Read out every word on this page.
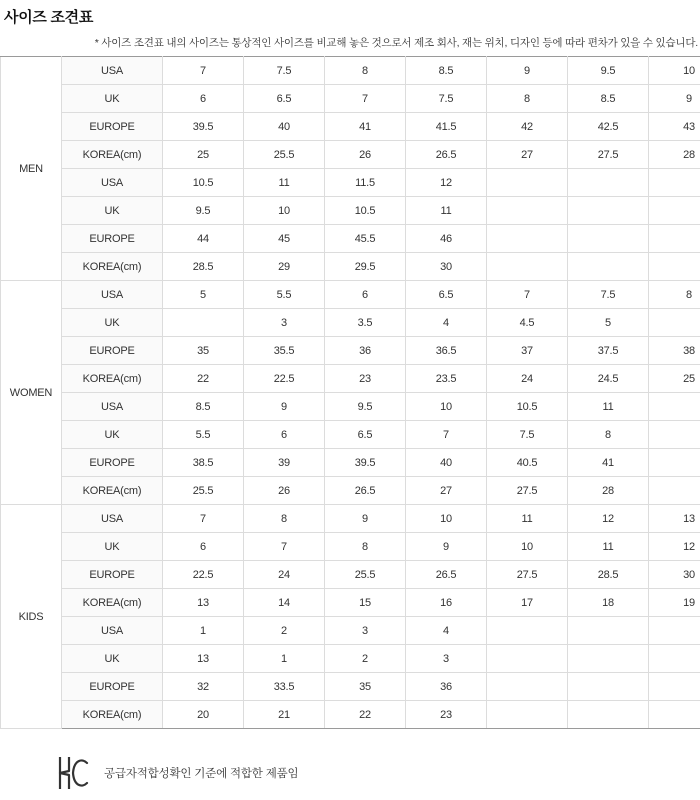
사이즈 조견표
* 사이즈 조견표 내의 사이즈는 통상적인 사이즈를 비교해 놓은 것으로서 제조 회사, 재는 위치, 디자인 등에 따라 편차가 있을 수 있습니다.
MEN	USA	7	7.5	8	8.5	9	9.5	10
	UK	6	6.5	7	7.5	8	8.5	9
	EUROPE	39.5	40	41	41.5	42	42.5	43
	KOREA(cm)	25	25.5	26	26.5	27	27.5	28
	USA	10.5	11	11.5	12			
	UK	9.5	10	10.5	11			
	EUROPE	44	45	45.5	46			
	KOREA(cm)	28.5	29	29.5	30			
WOMEN	USA	5	5.5	6	6.5	7	7.5	8
	UK		3	3.5	4	4.5	5	
	EUROPE	35	35.5	36	36.5	37	37.5	38
	KOREA(cm)	22	22.5	23	23.5	24	24.5	25
	USA	8.5	9	9.5	10	10.5	11	
	UK	5.5	6	6.5	7	7.5	8	
	EUROPE	38.5	39	39.5	40	40.5	41	
	KOREA(cm)	25.5	26	26.5	27	27.5	28	
KIDS	USA	7	8	9	10	11	12	13
	UK	6	7	8	9	10	11	12
	EUROPE	22.5	24	25.5	26.5	27.5	28.5	30
	KOREA(cm)	13	14	15	16	17	18	19
	USA	1	2	3	4			
	UK	13	1	2	3			
	EUROPE	32	33.5	35	36			
	KOREA(cm)	20	21	22	23			
공급자적합성확인 기준에 적합한 제품임
